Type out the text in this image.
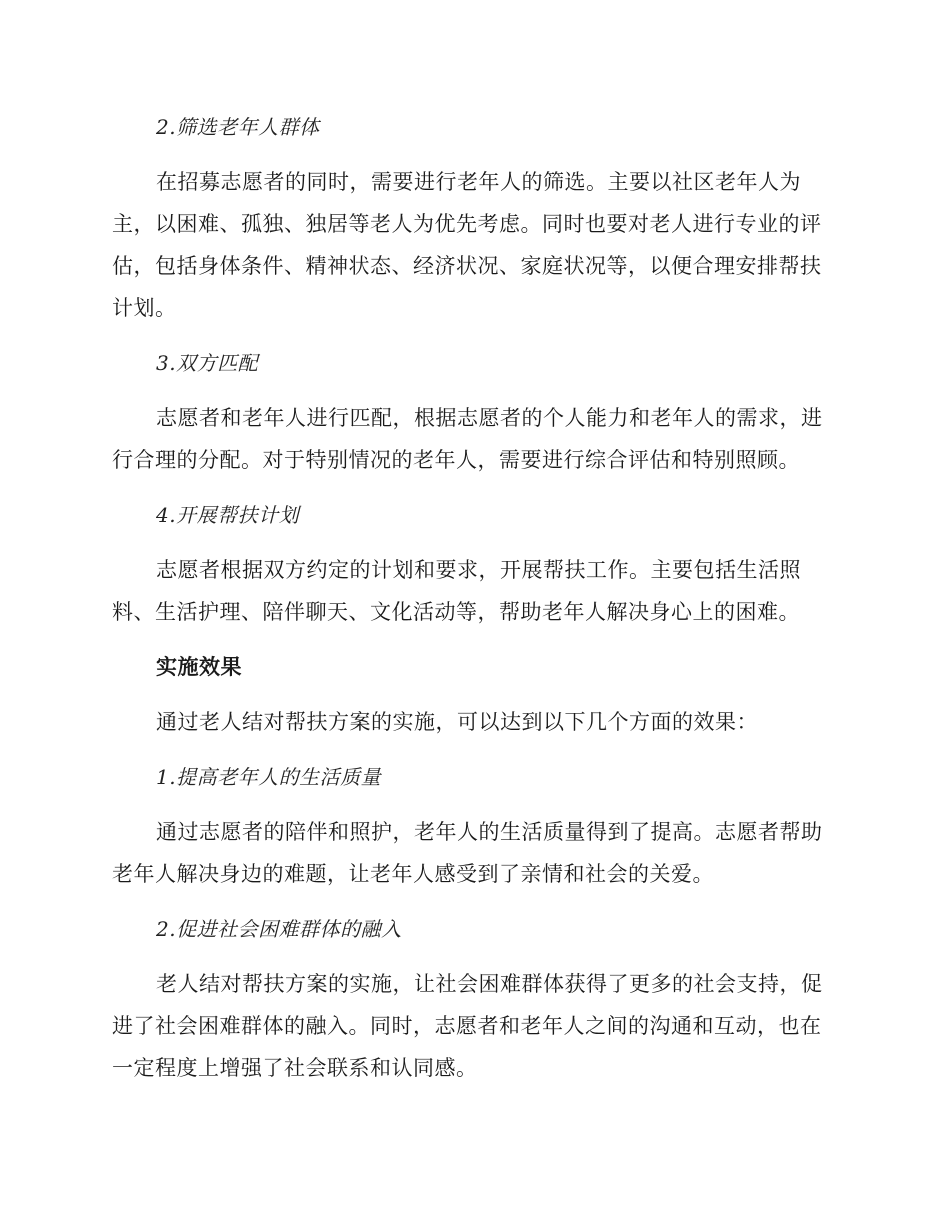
2.筛选老年人群体
在招募志愿者的同时，需要进行老年人的筛选。主要以社区老年人为
主，以困难、孤独、独居等老人为优先考虑。同时也要对老人进行专业的评
估，包括身体条件、精神状态、经济状况、家庭状况等，以便合理安排帮扶
计划。
3.双方匹配
志愿者和老年人进行匹配，根据志愿者的个人能力和老年人的需求，进
行合理的分配。对于特别情况的老年人，需要进行综合评估和特别照顾。
4.开展帮扶计划
志愿者根据双方约定的计划和要求，开展帮扶工作。主要包括生活照
料、生活护理、陪伴聊天、文化活动等，帮助老年人解决身心上的困难。
实施效果
通过老人结对帮扶方案的实施，可以达到以下几个方面的效果：
1.提高老年人的生活质量
通过志愿者的陪伴和照护，老年人的生活质量得到了提高。志愿者帮助
老年人解决身边的难题，让老年人感受到了亲情和社会的关爱。
2.促进社会困难群体的融入
老人结对帮扶方案的实施，让社会困难群体获得了更多的社会支持，促
进了社会困难群体的融入。同时，志愿者和老年人之间的沟通和互动，也在
一定程度上增强了社会联系和认同感。
